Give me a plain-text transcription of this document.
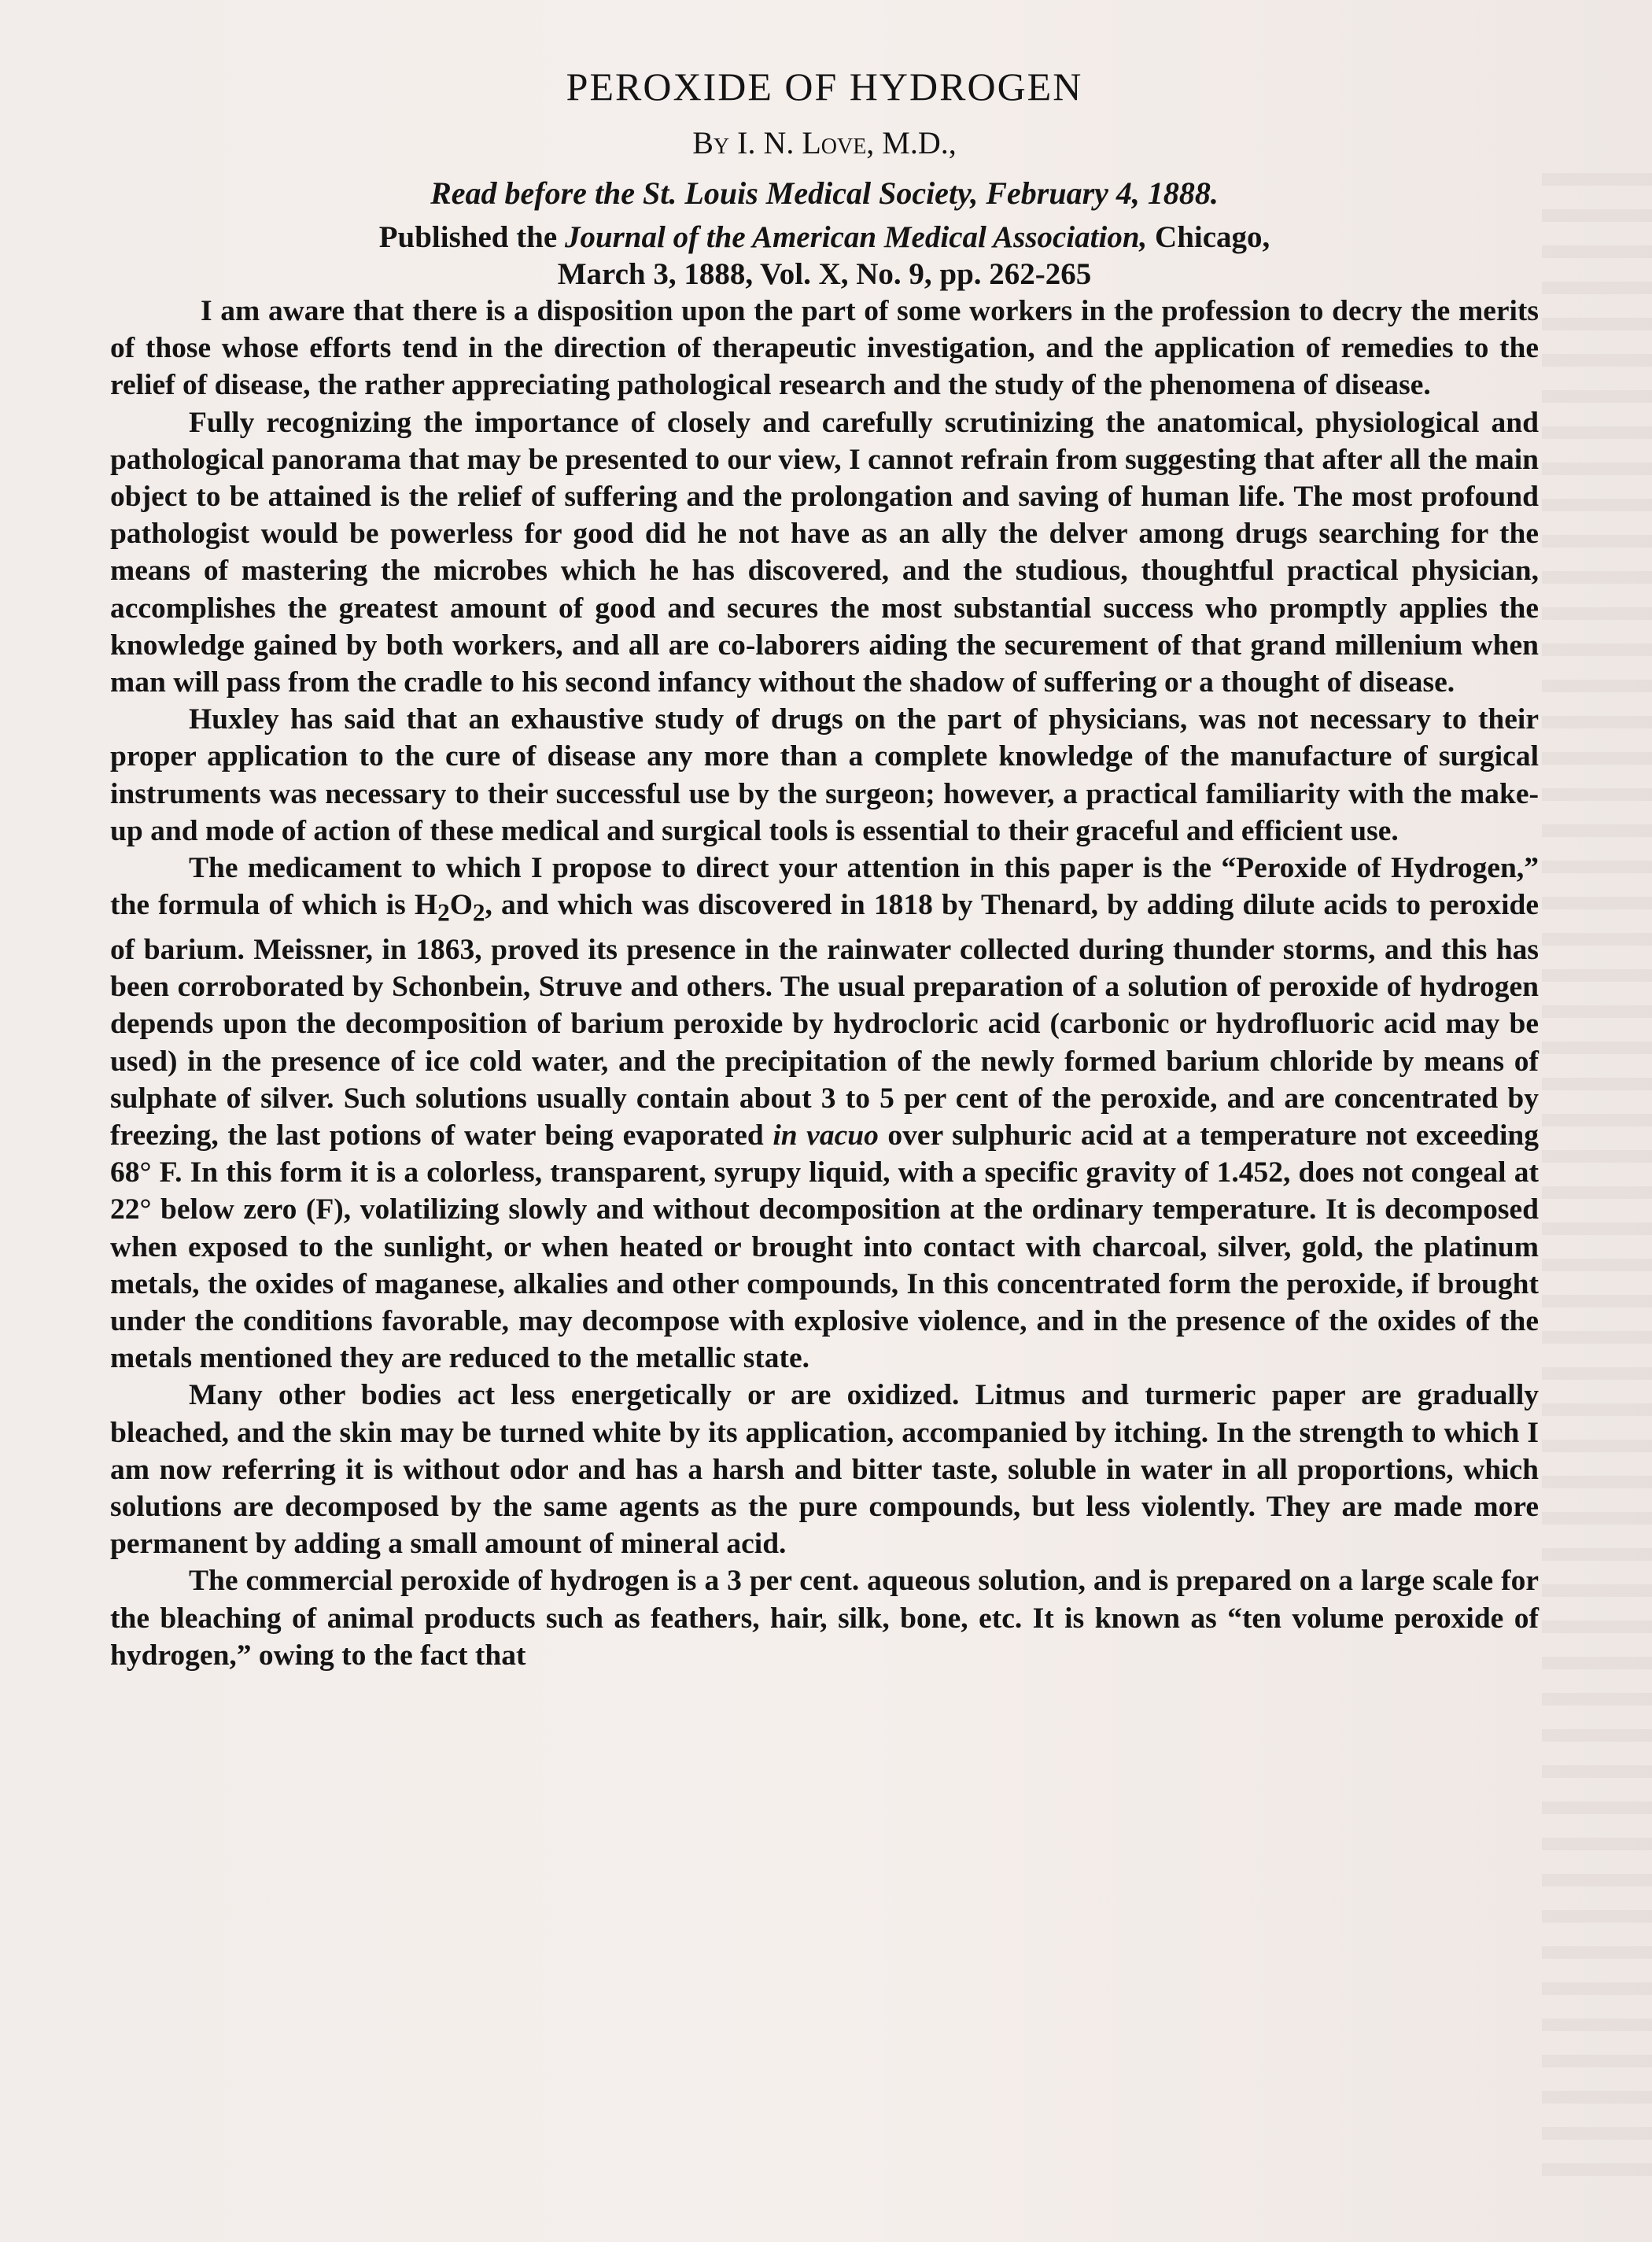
PEROXIDE OF HYDROGEN

By I. N. Love, M.D.,

Read before the St. Louis Medical Society, February 4, 1888.

Published the Journal of the American Medical Association, Chicago,
March 3, 1888, Vol. X, No. 9, pp. 262-265

I am aware that there is a disposition upon the part of some workers in the profession to decry the merits of those whose efforts tend in the direction of therapeutic investigation, and the application of remedies to the relief of disease, the rather appreciating pathological research and the study of the phenomena of disease.

Fully recognizing the importance of closely and carefully scrutinizing the anatomical, physiological and pathological panorama that may be presented to our view, I cannot refrain from suggesting that after all the main object to be attained is the relief of suffering and the prolongation and saving of human life. The most profound pathologist would be powerless for good did he not have as an ally the delver among drugs searching for the means of mastering the microbes which he has discovered, and the studious, thoughtful practical physician, accomplishes the greatest amount of good and secures the most substantial success who promptly applies the knowledge gained by both workers, and all are co-laborers aiding the securement of that grand millenium when man will pass from the cradle to his second infancy without the shadow of suffering or a thought of disease.

Huxley has said that an exhaustive study of drugs on the part of physicians, was not necessary to their proper application to the cure of disease any more than a complete knowledge of the manufacture of surgical instruments was necessary to their successful use by the surgeon; however, a practical familiarity with the make-up and mode of action of these medical and surgical tools is essential to their graceful and efficient use.

The medicament to which I propose to direct your attention in this paper is the “Peroxide of Hydrogen,” the formula of which is $H_2O_2$, and which was discovered in 1818 by Thenard, by adding dilute acids to peroxide of barium. Meissner, in 1863, proved its presence in the rainwater collected during thunder storms, and this has been corroborated by Schonbein, Struve and others. The usual preparation of a solution of peroxide of hydrogen depends upon the decomposition of barium peroxide by hydrocloric acid (carbonic or hydrofluoric acid may be used) in the presence of ice cold water, and the precipitation of the newly formed barium chloride by means of sulphate of silver. Such solutions usually contain about 3 to 5 per cent of the peroxide, and are concentrated by freezing, the last potions of water being evaporated in vacuo over sulphuric acid at a temperature not exceeding 68° F. In this form it is a colorless, transparent, syrupy liquid, with a specific gravity of 1.452, does not congeal at 22° below zero (F), volatilizing slowly and without decomposition at the ordinary temperature. It is decomposed when exposed to the sunlight, or when heated or brought into contact with charcoal, silver, gold, the platinum metals, the oxides of maganese, alkalies and other compounds, In this concentrated form the peroxide, if brought under the conditions favorable, may decompose with explosive violence, and in the presence of the oxides of the metals mentioned they are reduced to the metallic state.

Many other bodies act less energetically or are oxidized. Litmus and turmeric paper are gradually bleached, and the skin may be turned white by its application, accompanied by itching. In the strength to which I am now referring it is without odor and has a harsh and bitter taste, soluble in water in all proportions, which solutions are decomposed by the same agents as the pure compounds, but less violently. They are made more permanent by adding a small amount of mineral acid.

The commercial peroxide of hydrogen is a 3 per cent. aqueous solution, and is prepared on a large scale for the bleaching of animal products such as feathers, hair, silk, bone, etc. It is known as “ten volume peroxide of hydrogen,” owing to the fact that
